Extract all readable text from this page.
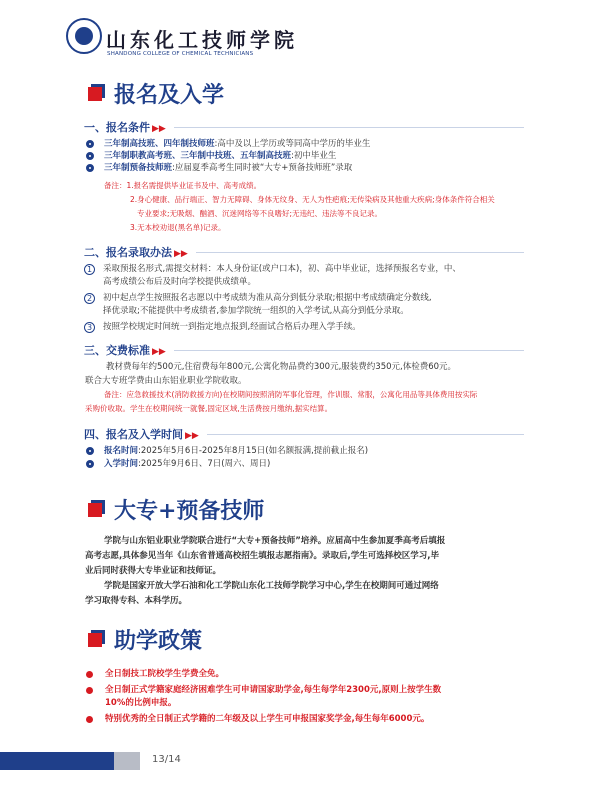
山东化工技师学院
SHANDONG COLLEGE OF CHEMICAL TECHNICIANS
报名及入学
一、报名条件 ▶▶
三年制高技班、四年制技师班:高中及以上学历或等同高中学历的毕业生
三年制职教高考班、三年制中技班、五年制高技班:初中毕业生
三年制预备技师班:应届夏季高考生同时被“大专+预备技师班”录取
备注：1.报名需提供毕业证书及中、高考成绩。
2.身心健康、品行端正、智力无障碍、身体无纹身、无人为性疤痕;无传染病及其他重大疾病;身体条件符合相关
专业要求;无吸烟、酗酒、沉迷网络等不良嗜好;无违纪、违法等不良记录。
3.无本校劝退(黑名单)记录。
二、报名录取办法 ▶▶
1	采取预报名形式,需提交材料：本人身份证(或户口本)，初、高中毕业证，选择预报名专业，中、
高考成绩公布后及时向学校提供成绩单。
2	初中起点学生按照报名志愿以中考成绩为准从高分到低分录取;根据中考成绩确定分数线,
择优录取;不能提供中考成绩者,参加学院统一组织的入学考试,从高分到低分录取。
3	按照学校规定时间统一到指定地点报到,经面试合格后办理入学手续。
三、交费标准 ▶▶
教材费每年约500元,住宿费每年800元,公寓化物品费约300元,服装费约350元,体检费60元。
联合大专班学费由山东铝业职业学院收取。
备注：应急救援技术(消防救援方向)在校期间按照消防军事化管理，作训服、常服，公寓化用品等具体费用按实际
采购价收取。学生在校期间统一就餐,固定区域,生活费按月缴纳,据实结算。
四、报名及入学时间 ▶▶
报名时间:2025年5月6日-2025年8月15日(如名额报满,提前截止报名)
入学时间:2025年9月6日、7日(周六、周日)
大专+预备技师
学院与山东铝业职业学院联合进行“大专+预备技师”培养。应届高中生参加夏季高考后填报
高考志愿,具体参见当年《山东省普通高校招生填报志愿指南》。录取后,学生可选择校区学习,毕
业后同时获得大专毕业证和技师证。
学院是国家开放大学石油和化工学院山东化工技师学院学习中心,学生在校期间可通过网络
学习取得专科、本科学历。
助学政策
全日制技工院校学生学费全免。
全日制正式学籍家庭经济困难学生可申请国家助学金,每生每学年2300元,原则上按学生数
10%的比例申报。
特别优秀的全日制正式学籍的二年级及以上学生可申报国家奖学金,每生每年6000元。
13/14
